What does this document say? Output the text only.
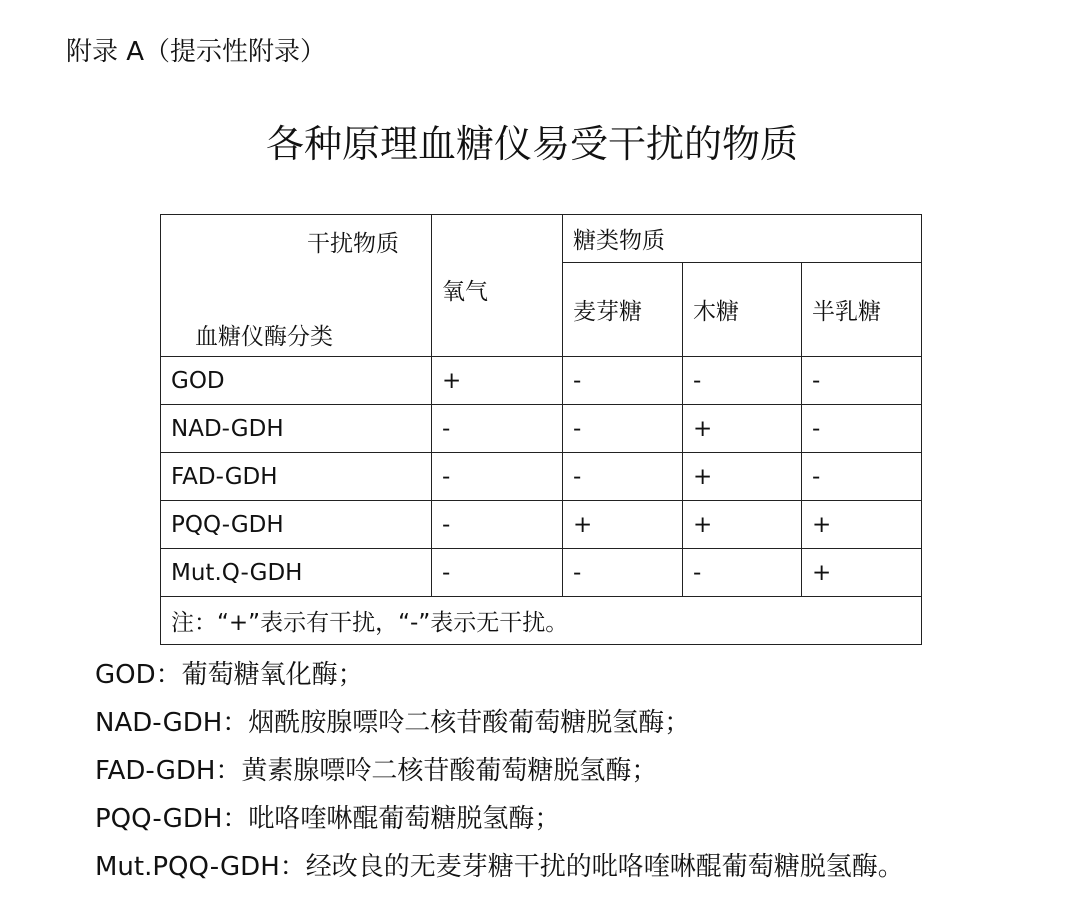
附录 A（提示性附录）
各种原理血糖仪易受干扰的物质
干扰物质
血糖仪酶分类	氧气	糖类物质		
		麦芽糖	木糖	半乳糖
GOD	+	-	-	-
NAD-GDH	-	-	+	-
FAD-GDH	-	-	+	-
PQQ-GDH	-	+	+	+
Mut.Q-GDH	-	-	-	+
注：“+”表示有干扰，“-”表示无干扰。				
GOD：葡萄糖氧化酶；
NAD-GDH：烟酰胺腺嘌呤二核苷酸葡萄糖脱氢酶；
FAD-GDH：黄素腺嘌呤二核苷酸葡萄糖脱氢酶；
PQQ-GDH：吡咯喹啉醌葡萄糖脱氢酶；
Mut.PQQ-GDH：经改良的无麦芽糖干扰的吡咯喹啉醌葡萄糖脱氢酶。
